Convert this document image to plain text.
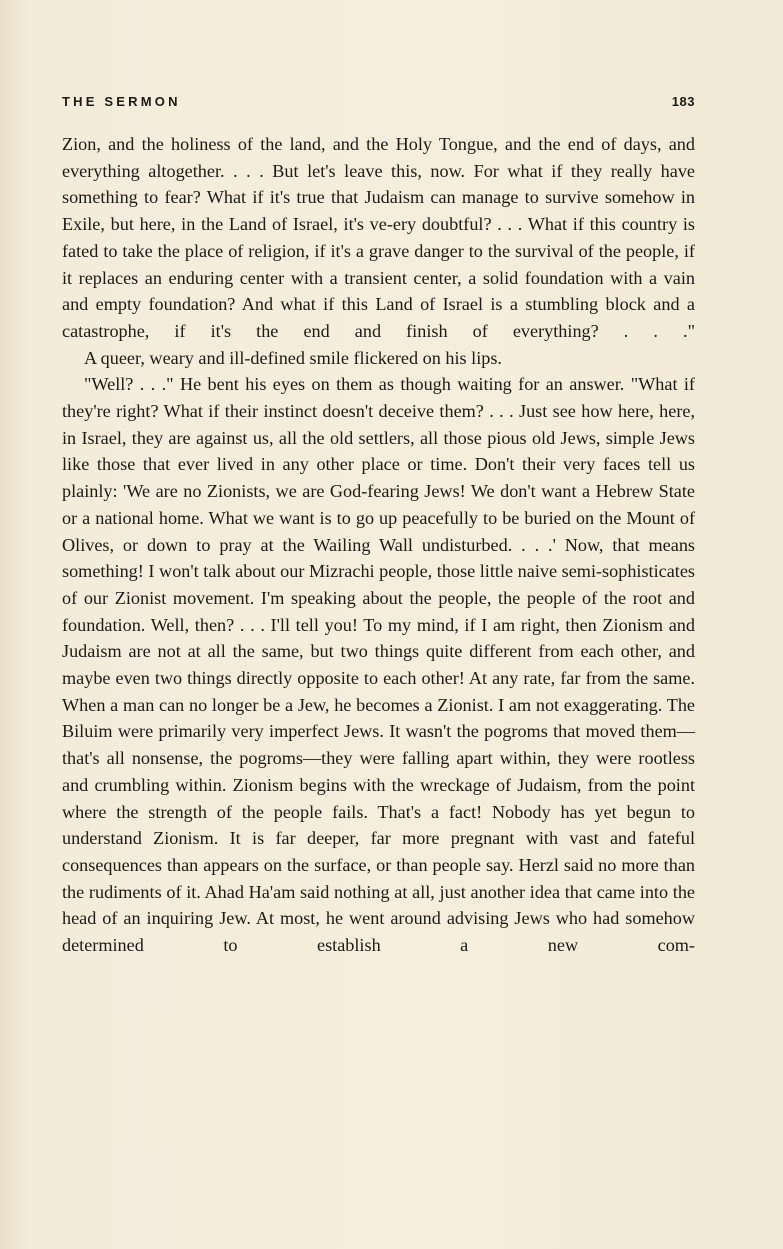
THE SERMON	183

Zion, and the holiness of the land, and the Holy Tongue, and the end of days, and everything altogether. . . . But let's leave this, now. For what if they really have something to fear? What if it's true that Judaism can manage to survive somehow in Exile, but here, in the Land of Israel, it's ve-ery doubtful? . . . What if this country is fated to take the place of religion, if it's a grave danger to the survival of the people, if it replaces an enduring center with a transient center, a solid foundation with a vain and empty foundation? And what if this Land of Israel is a stumbling block and a catastrophe, if it's the end and finish of everything? . . ."

A queer, weary and ill-defined smile flickered on his lips.

"Well? . . ." He bent his eyes on them as though waiting for an answer. "What if they're right? What if their instinct doesn't deceive them? . . . Just see how here, here, in Israel, they are against us, all the old settlers, all those pious old Jews, simple Jews like those that ever lived in any other place or time. Don't their very faces tell us plainly: 'We are no Zionists, we are God-fearing Jews! We don't want a Hebrew State or a national home. What we want is to go up peacefully to be buried on the Mount of Olives, or down to pray at the Wailing Wall undisturbed. . . .' Now, that means something! I won't talk about our Mizrachi people, those little naive semi-sophisticates of our Zionist movement. I'm speaking about the people, the people of the root and foundation. Well, then? . . . I'll tell you! To my mind, if I am right, then Zionism and Judaism are not at all the same, but two things quite different from each other, and maybe even two things directly opposite to each other! At any rate, far from the same. When a man can no longer be a Jew, he becomes a Zionist. I am not exaggerating. The Biluim were primarily very imperfect Jews. It wasn't the pogroms that moved them—that's all nonsense, the pogroms—they were falling apart within, they were rootless and crumbling within. Zionism begins with the wreckage of Judaism, from the point where the strength of the people fails. That's a fact! Nobody has yet begun to understand Zionism. It is far deeper, far more pregnant with vast and fateful consequences than appears on the surface, or than people say. Herzl said no more than the rudiments of it. Ahad Ha'am said nothing at all, just another idea that came into the head of an inquiring Jew. At most, he went around advising Jews who had somehow determined to establish a new com-
